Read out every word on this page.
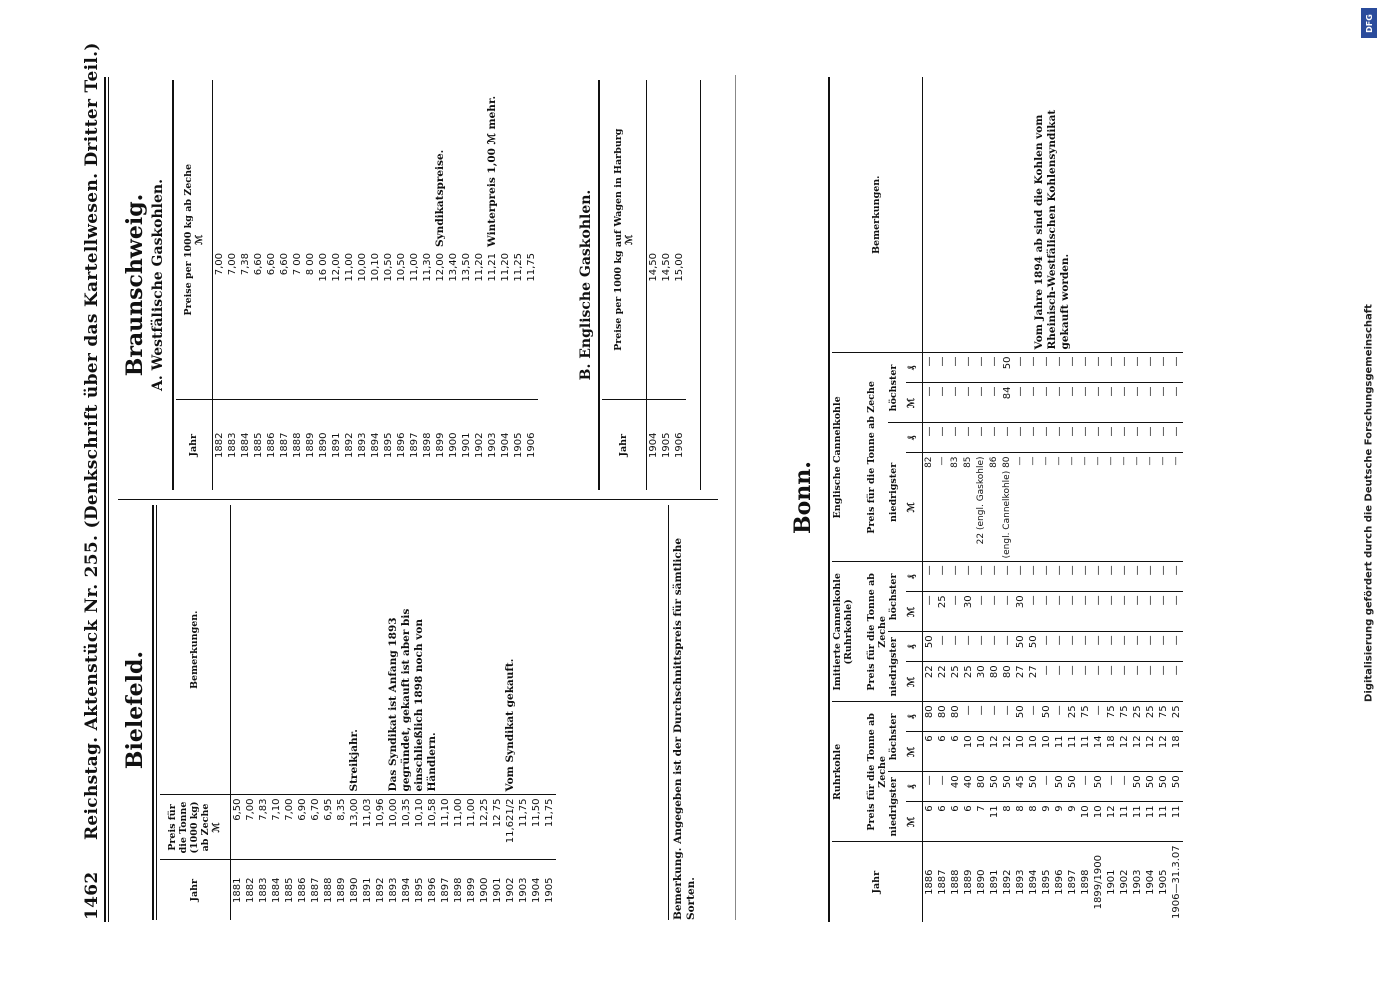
1462
Reichstag. Aktenstück Nr. 255. (Denkschrift über das Kartellwesen. Dritter Teil.) Bielefeld.
Jahr	Preis für die Tonne (1000 kg) ab Zeche ℳ	Bemerkungen.
1881	6,50	
1882	7,00	
1883	7,83	
1884	7,10	
1885	7,00	
1886	6,90	
1887	6,70	
1888	6,95	
1889	8,35	
1890	13,00	Streikjahr.
1891	11,03	
1892	10,96	
1893	10,00	Das Syndikat ist Anfang 1893
1894	10,35	gegründet, gekauft ist aber bis
1895	10,10	einschließlich 1898 noch von
1896	10,58	Händlern.
1897	11,10	
1898	11,00	
1899	11,00	
1900	12,25	
1901	12 75	
1902	11,621/2	Vom Syndikat gekauft.
1903	11,75	
1904	11,50	
1905	11,75		Bemerkung. Angegeben ist der Durchschnittspreis für sämtliche Sorten.
Braunschweig. A. Westfälische Gaskohlen.
Jahr	Preise per 1000 kg ab Zeche ℳ	

1882	7,00	
1883	7,00	
1884	7,38	
1885	6,60	
1886	6,60	
1887	6,60	
1888	7 00	
1889	8 00	
1890	16 00	
1891	12,00	
1892	11,00	
1893	10,00	
1894	10,10	
1895	10,50	
1896	10,50	
1897	11,00	
1898	11,30	
1899	12,00	Syndikatspreise.
1900	13,40	
1901	13,50	
1902	11,20	
1903	11,21	Winterpreis 1,00 ℳ mehr.
1904	11,20	
1905	11,25	
1906	11,75		B. Englische Gaskohlen.
Jahr	Preise per 1000 kg auf Wagen in Harburg ℳ	

1904	14,50	
1905	14,50	
1906	15,00	
Bonn.
Jahr	Ruhrkohle				Imitierte Cannelkohle (Ruhrkohle)				Englische Cannelkohle				Bemerkungen.
	Preis für die Tonne ab Zeche				Preis für die Tonne ab Zeche				Preis für die Tonne ab Zeche				
	niedrigster		höchster		niedrigster		höchster		niedrigster		höchster		
	ℳ	₰	ℳ	₰	ℳ	₰	ℳ	₰	ℳ	₰	ℳ	₰	
1886	6	—	6	80	22	50	—	—	82	—	—	—	Vom Jahre 1894 ab sind die Kohlen vom Rheinisch-Westfälischen Kohlensyndikat gekauft worden.
1887	6	—	6	80	22	—	25	—	—	—	—	—	
1888	6	40	6	80	25	—	—	—	83	—	—	—	
1889	6	40	10	—	25	—	30	—	85	—	—	—	
1890	7	80	10	—	30	—	—	—	22 (engl. Gaskohle)	—	—	—	
1891	11	50	12	—	80	—	—	—	86	—	—	—	
1892	8	50	12	—	80	—	—	—	(engl. Cannelkohle) 80	—	84	50	
1893	8	45	10	50	27	50	30	—	—	—	—	—	
1894	8	50	10	—	27	50	—	—	—	—	—	—	
1895	9	—	10	50	—	—	—	—	—	—	—	—	
1896	9	50	11	—	—	—	—	—	—	—	—	—	
1897	9	50	11	25	—	—	—	—	—	—	—	—	
1898	10	—	11	75	—	—	—	—	—	—	—	—	
1899/1900	10	50	14	—	—	—	—	—	—	—	—	—	
1901	12	—	18	75	—	—	—	—	—	—	—	—	
1902	11	—	12	75	—	—	—	—	—	—	—	—	
1903	11	50	12	25	—	—	—	—	—	—	—	—	
1904	11	50	12	25	—	—	—	—	—	—	—	—	
1905	11	50	12	75	—	—	—	—	—	—	—	—	
1906—31.3.07	11	50	18	25	—	—	—	—	—	—	—	—		Digitalisierung gefördert durch die Deutsche Forschungsgemeinschaft
DFG
